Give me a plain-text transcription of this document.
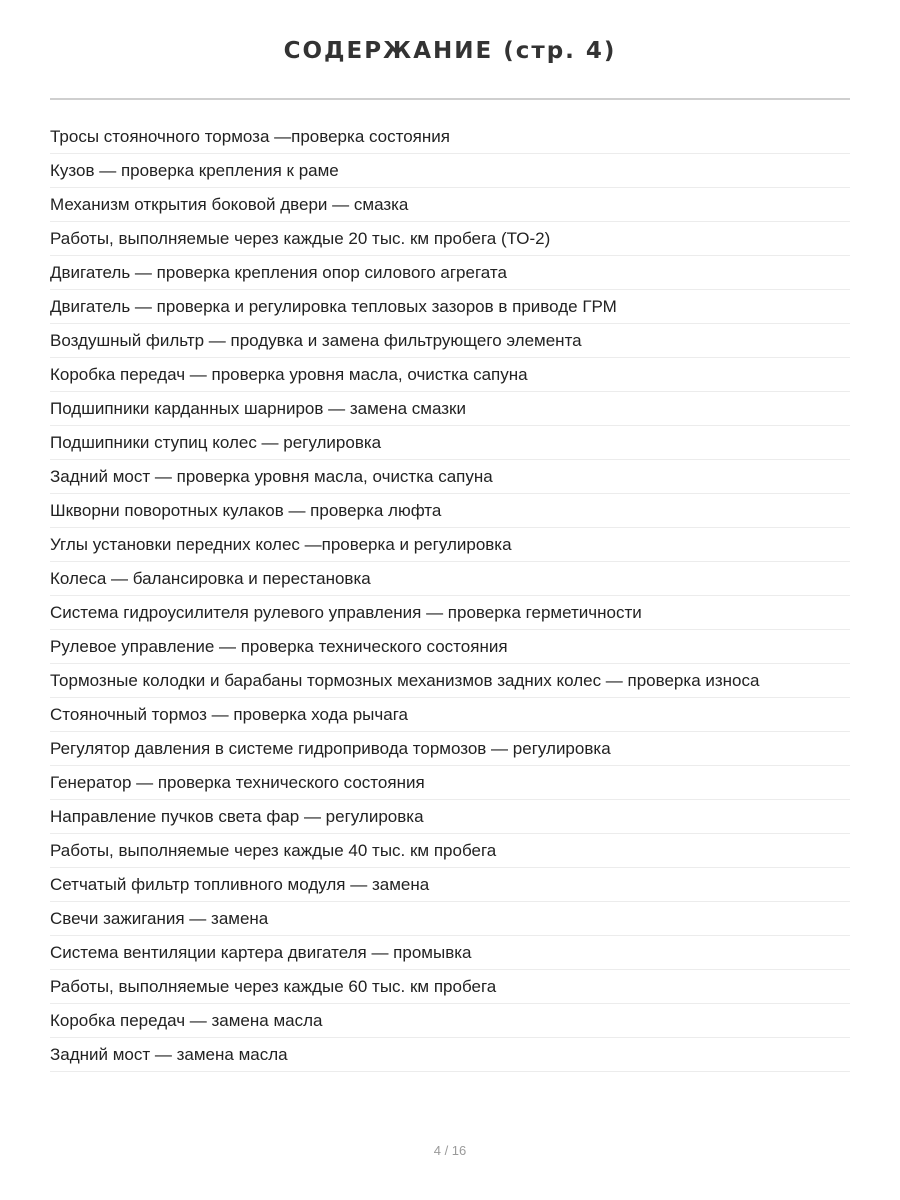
СОДЕРЖАНИЕ (стр. 4)
Тросы стояночного тормоза —проверка состояния
Кузов — проверка крепления к раме
Механизм открытия боковой двери — смазка
Работы, выполняемые через каждые 20 тыс. км пробега (ТО-2)
Двигатель — проверка крепления опор силового агрегата
Двигатель — проверка и регулировка тепловых зазоров в приводе ГРМ
Воздушный фильтр — продувка и замена фильтрующего элемента
Коробка передач — проверка уровня масла, очистка сапуна
Подшипники карданных шарниров — замена смазки
Подшипники ступиц колес — регулировка
Задний мост — проверка уровня масла, очистка сапуна
Шкворни поворотных кулаков — проверка люфта
Углы установки передних колес —проверка и регулировка
Колеса — балансировка и перестановка
Система гидроусилителя рулевого управления — проверка герметичности
Рулевое управление — проверка технического состояния
Тормозные колодки и барабаны тормозных механизмов задних колес — проверка износа
Стояночный тормоз — проверка хода рычага
Регулятор давления в системе гидропривода тормозов — регулировка
Генератор — проверка технического состояния
Направление пучков света фар — регулировка
Работы, выполняемые через каждые 40 тыс. км пробега
Сетчатый фильтр топливного модуля — замена
Свечи зажигания — замена
Система вентиляции картера двигателя — промывка
Работы, выполняемые через каждые 60 тыс. км пробега
Коробка передач — замена масла
Задний мост — замена масла
4 / 16
